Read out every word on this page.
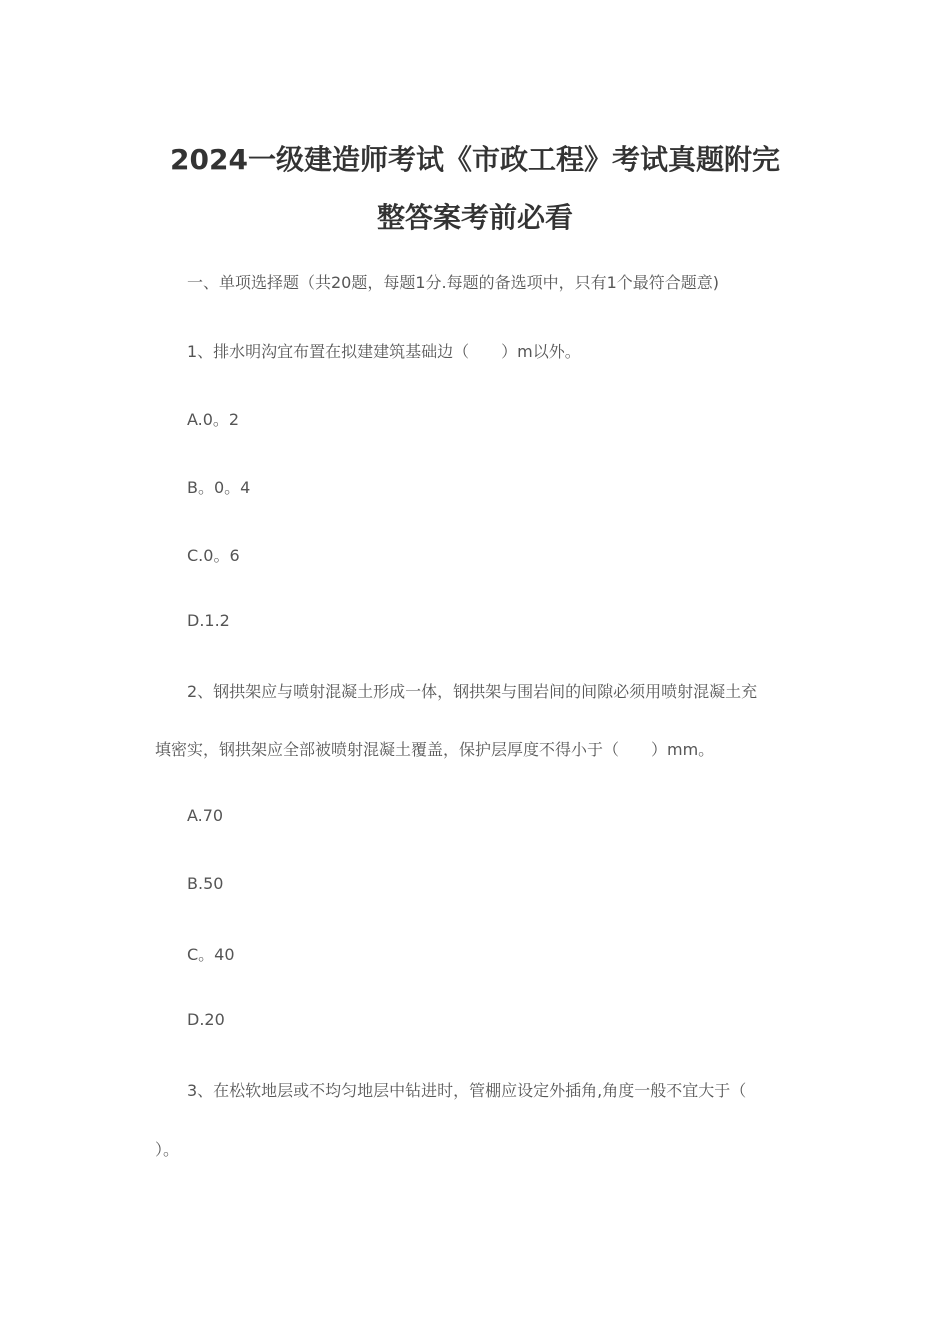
2024一级建造师考试《市政工程》考试真题附完
整答案考前必看
一、单项选择题（共20题，每题1分.每题的备选项中，只有1个最符合题意)
1、排水明沟宜布置在拟建建筑基础边（　　）m以外。
A.0。2
B。0。4
C.0。6
D.1.2
2、钢拱架应与喷射混凝土形成一体，钢拱架与围岩间的间隙必须用喷射混凝土充
填密实，钢拱架应全部被喷射混凝土覆盖，保护层厚度不得小于（　　）mm。
A.70
B.50
C。40
D.20
3、在松软地层或不均匀地层中钻进时，管棚应设定外插角,角度一般不宜大于（
）。
